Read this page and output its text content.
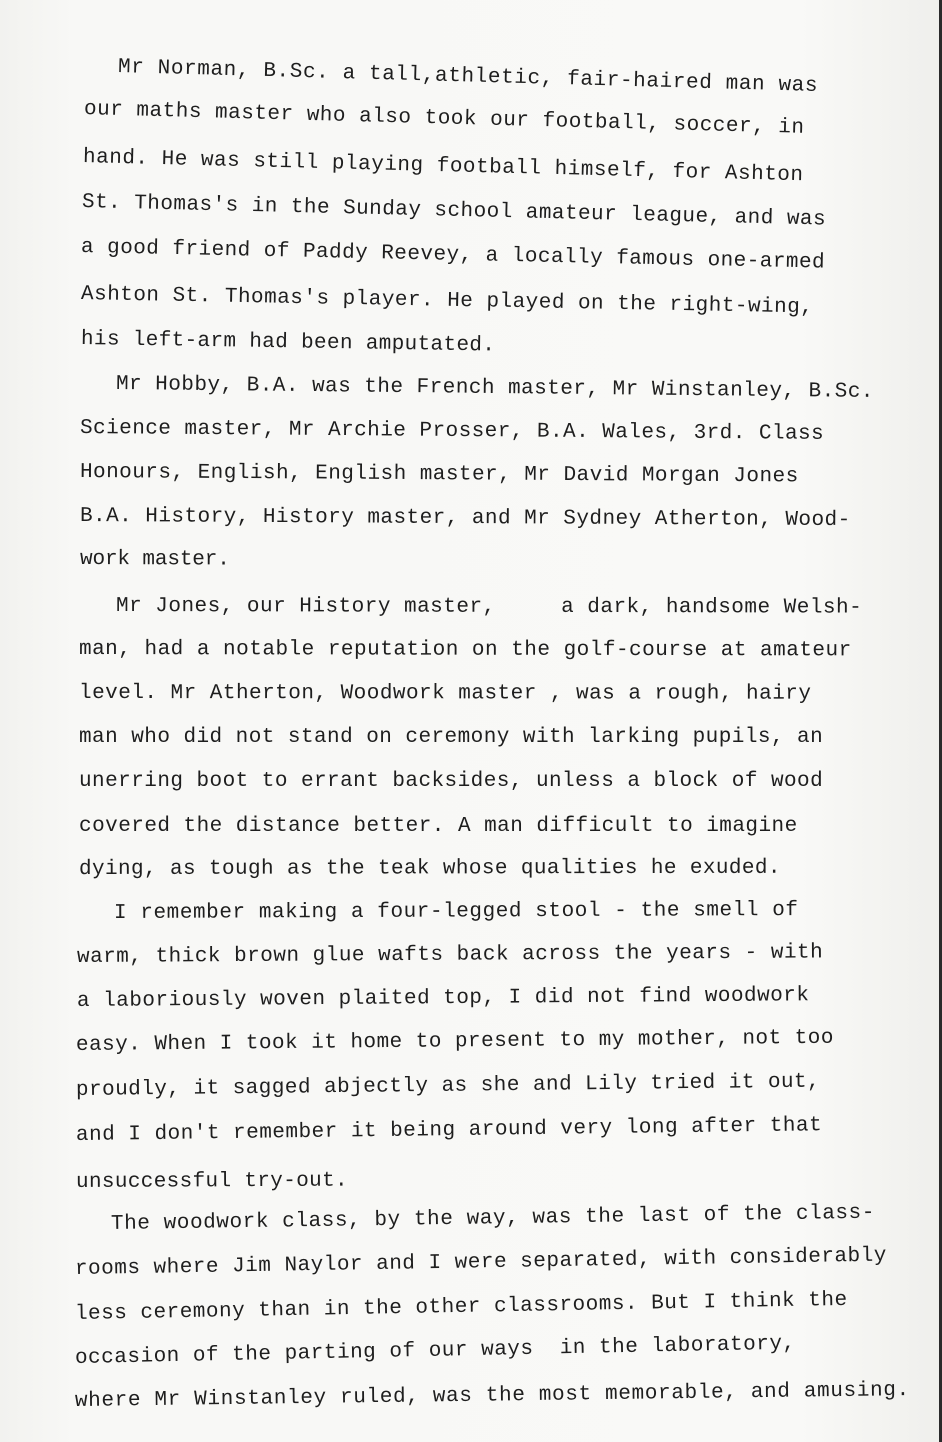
Mr Norman, B.Sc. a tall,athletic, fair-haired man was
our maths master who also took our football, soccer, in
hand. He was still playing football himself, for Ashton
St. Thomas's in the Sunday school amateur league, and was
a good friend of Paddy Reevey, a locally famous one-armed
Ashton St. Thomas's player. He played on the right-wing,
his left-arm had been amputated.
Mr Hobby, B.A. was the French master, Mr Winstanley, B.Sc.
Science master, Mr Archie Prosser, B.A. Wales, 3rd. Class
Honours, English, English master, Mr David Morgan Jones
B.A. History, History master, and Mr Sydney Atherton, Wood-
work master.
Mr Jones, our History master,     a dark, handsome Welsh-
man, had a notable reputation on the golf-course at amateur
level. Mr Atherton, Woodwork master , was a rough, hairy
man who did not stand on ceremony with larking pupils, an
unerring boot to errant backsides, unless a block of wood
covered the distance better. A man difficult to imagine
dying, as tough as the teak whose qualities he exuded.
I remember making a four-legged stool - the smell of
warm, thick brown glue wafts back across the years - with
a laboriously woven plaited top, I did not find woodwork
easy. When I took it home to present to my mother, not too
proudly, it sagged abjectly as she and Lily tried it out,
and I don't remember it being around very long after that
unsuccessful try-out.
The woodwork class, by the way, was the last of the class-
rooms where Jim Naylor and I were separated, with considerably
less ceremony than in the other classrooms. But I think the
occasion of the parting of our ways  in the laboratory,
where Mr Winstanley ruled, was the most memorable, and amusing.
